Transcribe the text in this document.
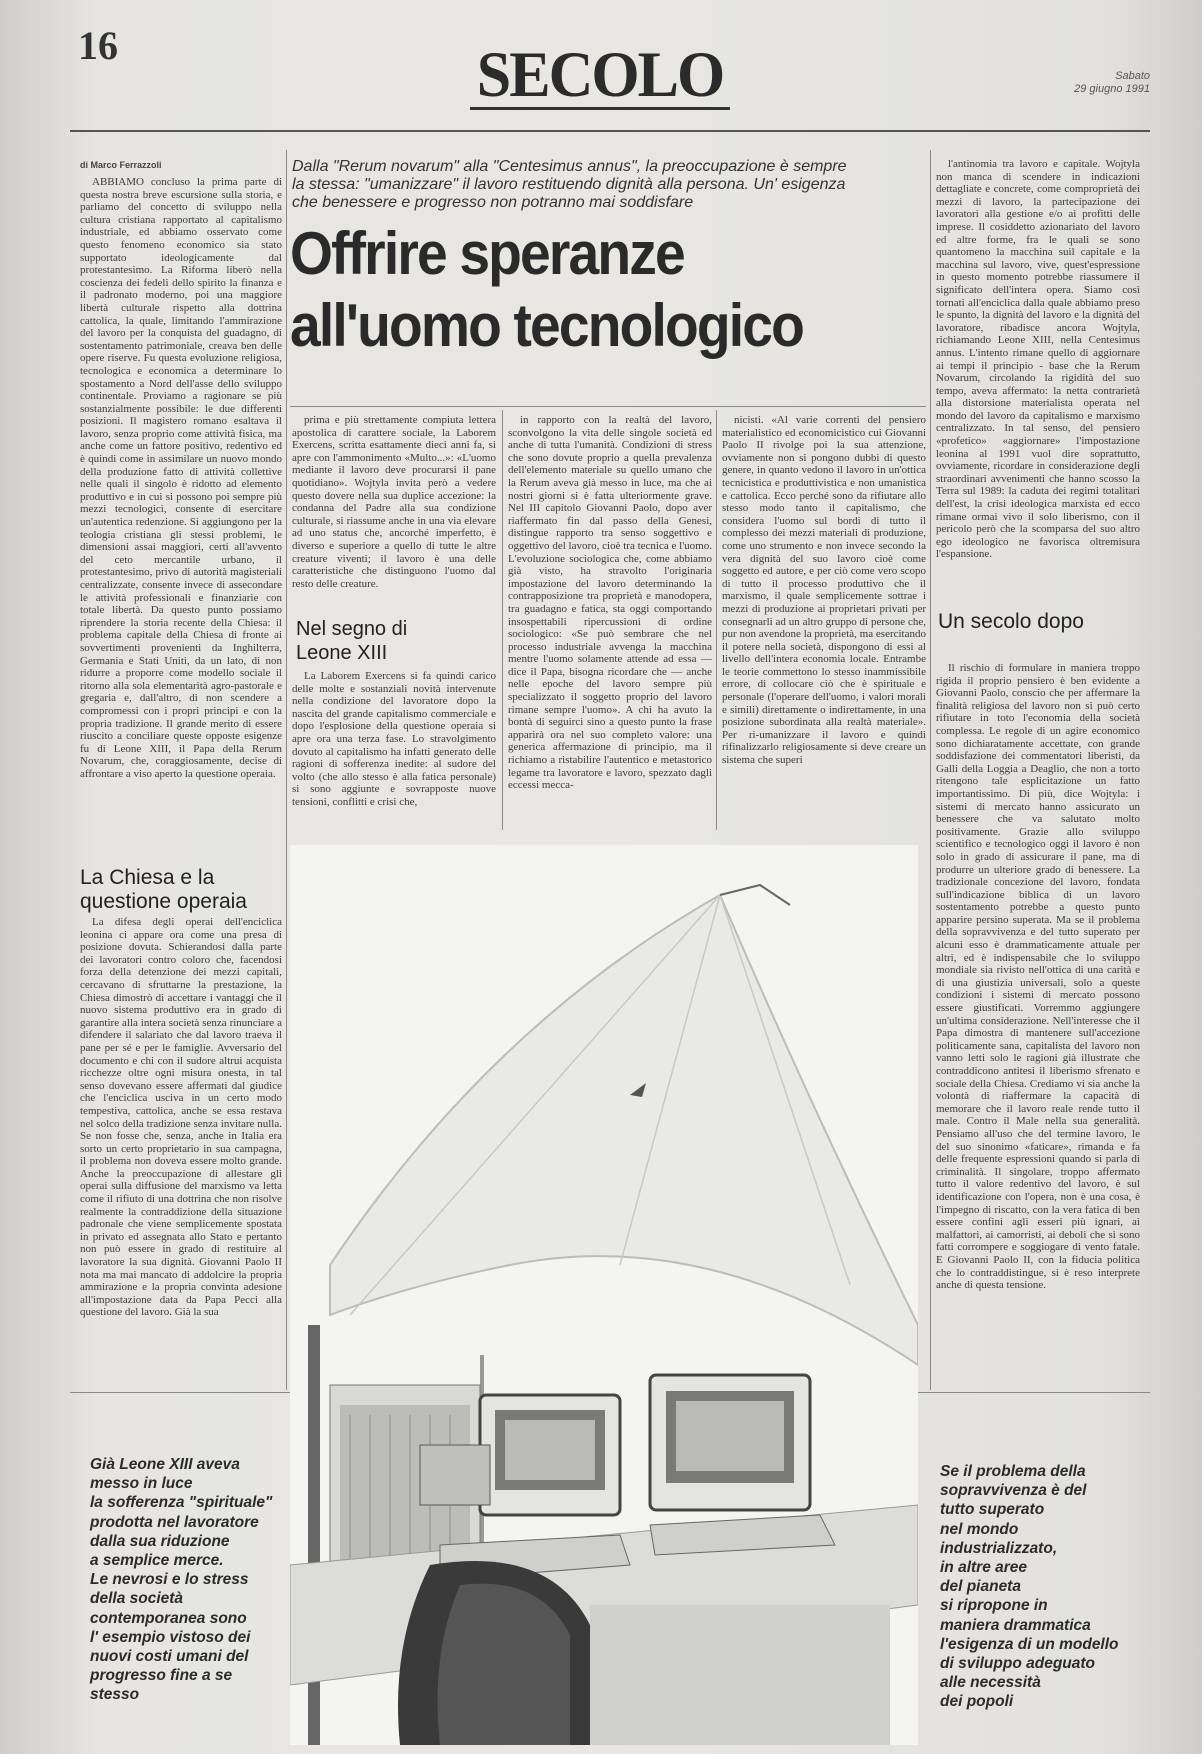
16	SECOLO	Sabato
29 giugno 1991
di Marco Ferrazzoli

ABBIAMO concluso la prima parte di questa nostra breve escursione sulla storia, e parliamo del concetto di sviluppo nella cultura cristiana rapportato al capitalismo industriale, ed abbiamo osservato come questo fenomeno economico sia stato supportato ideologicamente dal protestantesimo. La Riforma liberò nella coscienza dei fedeli dello spirito la finanza e il padronato moderno, poi una maggiore libertà culturale rispetto alla dottrina cattolica, la quale, limitando l'ammirazione del lavoro per la conquista del guadagno, di sostentamento patrimoniale, creava ben delle opere riserve. Fu questa evoluzione religiosa, tecnologica e economica a determinare lo spostamento a Nord dell'asse dello sviluppo continentale. Proviamo a ragionare se più sostanzialmente possibile: le due differenti posizioni. Il magistero romano esaltava il lavoro, senza proprio come attività fisica, ma anche come un fattore positivo, redentivo ed è quindi come in assimilare un nuovo mondo della produzione fatto di attività collettive nelle quali il singolo è ridotto ad elemento produttivo e in cui si possono poi sempre più mezzi tecnologici, consente di esercitare un'autentica redenzione. Si aggiungono per la teologia cristiana gli stessi problemi, le dimensioni assai maggiori, certi all'avvento del ceto mercantile urbano, il protestantesimo, privo di autorità magisteriali centralizzate, consente invece di assecondare le attività professionali e finanziarie con totale libertà. Da questo punto possiamo riprendere la storia recente della Chiesa: il problema capitale della Chiesa di fronte ai sovvertimenti provenienti da Inghilterra, Germania e Stati Uniti, da un lato, di non ridurre a proporre come modello sociale il ritorno alla sola elementarità agro-pastorale e gregaria e, dall'altro, di non scendere a compromessi con i propri principi e con la propria tradizione. Il grande merito di essere riuscito a conciliare queste opposte esigenze fu di Leone XIII, il Papa della Rerum Novarum, che, coraggiosamente, decise di affrontare a viso aperto la questione operaia.

La Chiesa e la questione operaia

La difesa degli operai dell'enciclica leonina ci appare ora come una presa di posizione dovuta. Schierandosi dalla parte dei lavoratori contro coloro che, facendosi forza della detenzione dei mezzi capitali, cercavano di sfruttarne la prestazione, la Chiesa dimostrò di accettare i vantaggi che il nuovo sistema produttivo era in grado di garantire alla intera società senza rinunciare a difendere il salariato che dal lavoro traeva il pane per sé e per le famiglie. Avversario del documento e chi con il sudore altrui acquista ricchezze oltre ogni misura onesta, in tal senso dovevano essere affermati dal giudice che l'enciclica usciva in un certo modo tempestiva, cattolica, anche se essa restava nel solco della tradizione senza invitare nulla. Se non fosse che, senza, anche in Italia era sorto un certo proprietario in sua campagna, il problema non doveva essere molto grande. Anche la preoccupazione di allestare gli operai sulla diffusione del marxismo va letta come il rifiuto di una dottrina che non risolve realmente la contraddizione della situazione padronale che viene semplicemente spostata in privato ed assegnata allo Stato e pertanto non può essere in grado di restituire al lavoratore la sua dignità. Giovanni Paolo II nota ma mai mancato di addolcire la propria ammirazione e la propria convinta adesione all'impostazione data da Papa Pecci alla questione del lavoro. Già la sua

Dalla "Rerum novarum" alla "Centesimus annus", la preoccupazione è sempre la stessa: "umanizzare" il lavoro restituendo dignità alla persona. Un' esigenza che benessere e progresso non potranno mai soddisfare
Offrire speranze
all'uomo tecnologico

prima e più strettamente compiuta lettera apostolica di carattere sociale, la Laborem Exercens, scritta esattamente dieci anni fa, si apre con l'ammonimento «Multo...»: «L'uomo mediante il lavoro deve procurarsi il pane quotidiano». Wojtyla invita però a vedere questo dovere nella sua duplice accezione: la condanna del Padre alla sua condizione culturale, si riassume anche in una via elevare ad uno status che, ancorché imperfetto, è diverso e superiore a quello di tutte le altre creature viventi; il lavoro è una delle caratteristiche che distinguono l'uomo dal resto delle creature.

Nel segno di Leone XIII

La Laborem Exercens si fa quindi carico delle molte e sostanziali novità intervenute nella condizione del lavoratore dopo la nascita del grande capitalismo commerciale e dopo l'esplosione della questione operaia si apre ora una terza fase. Lo stravolgimento dovuto al capitalismo ha infatti generato delle ragioni di sofferenza inedite: al sudore del volto (che allo stesso è alla fatica personale) si sono aggiunte e sovrapposte nuove tensioni, conflitti e crisi che,

in rapporto con la realtà del lavoro, sconvolgono la vita delle singole società ed anche di tutta l'umanità. Condizioni di stress che sono dovute proprio a quella prevalenza dell'elemento materiale su quello umano che la Rerum aveva già messo in luce, ma che ai nostri giorni si è fatta ulteriormente grave. Nel III capitolo Giovanni Paolo, dopo aver riaffermato fin dal passo della Genesi, distingue rapporto tra senso soggettivo e oggettivo del lavoro, cioè tra tecnica e l'uomo. L'evoluzione sociologica che, come abbiamo già visto, ha stravolto l'originaria impostazione del lavoro determinando la contrapposizione tra proprietà e manodopera, tra guadagno e fatica, sta oggi comportando insospettabili ripercussioni di ordine sociologico: «Se può sembrare che nel processo industriale avvenga la macchina mentre l'uomo solamente attende ad essa — dice il Papa, bisogna ricordare che — anche nelle epoche del lavoro sempre più specializzato il soggetto proprio del lavoro rimane sempre l'uomo». A chi ha avuto la bontà di seguirci sino a questo punto la frase apparirà ora nel suo completo valore: una generica affermazione di principio, ma il richiamo a ristabilire l'autentico e metastorico legame tra lavoratore e lavoro, spezzato dagli eccessi mecca-

nicisti. «Al varie correnti del pensiero materialistico ed economicistico cui Giovanni Paolo II rivolge poi la sua attenzione, ovviamente non si pongono dubbi di questo genere, in quanto vedono il lavoro in un'ottica tecnicistica e produttivistica e non umanistica e cattolica. Ecco perché sono da rifiutare allo stesso modo tanto il capitalismo, che considera l'uomo sul bordi di tutto il complesso dei mezzi materiali di produzione, come uno strumento e non invece secondo la vera dignità del suo lavoro cioè come soggetto ed autore, e per ciò come vero scopo di tutto il processo produttivo che il marxismo, il quale semplicemente sottrae i mezzi di produzione ai proprietari privati per consegnarli ad un altro gruppo di persone che, pur non avendone la proprietà, ma esercitando il potere nella società, dispongono di essi al livello dell'intera economia locale. Entrambe le teorie commettono lo stesso inammissibile errore, di collocare ciò che è spirituale e personale (l'operare dell'uomo, i valori morali e simili) direttamente o indirettamente, in una posizione subordinata alla realtà materiale». Per ri-umanizzare il lavoro e quindi rifinalizzarlo religiosamente si deve creare un sistema che superi

l'antinomia tra lavoro e capitale. Wojtyla non manca di scendere in indicazioni dettagliate e concrete, come comproprietà dei mezzi di lavoro, la partecipazione dei lavoratori alla gestione e/o ai profitti delle imprese. Il cosiddetto azionariato del lavoro ed altre forme, fra le quali se sono quantomeno la macchina suil capitale e la macchina sul lavoro, vive, quest'espressione in questo momento potrebbe riassumere il significato dell'intera opera. Siamo così tornati all'enciclica dalla quale abbiamo preso le spunto, la dignità del lavoro e la dignità del lavoratore, ribadisce ancora Wojtyla, richiamando Leone XIII, nella Centesimus annus. L'intento rimane quello di aggiornare ai tempi il principio - base che la Rerum Novarum, circolando la rigidità del suo tempo, aveva affermato: la netta contrarietà alla distorsione materialista operata nel mondo del lavoro da capitalismo e marxismo centralizzato. In tal senso, del pensiero «profetico» «aggiornare» l'impostazione leonina al 1991 vuol dire soprattutto, ovviamente, ricordare in considerazione degli straordinari avvenimenti che hanno scosso la Terra sul 1989: la caduta dei regimi totalitari dell'est, la crisi ideologica marxista ed ecco rimane ormai vivo il solo liberismo, con il pericolo però che la scomparsa del suo altro ego ideologico ne favorisca oltremisura l'espansione.

Un secolo dopo

Il rischio di formulare in maniera troppo rigida il proprio pensiero è ben evidente a Giovanni Paolo, conscio che per affermare la finalità religiosa del lavoro non si può certo rifiutare in toto l'economia della società complessa. Le regole di un agire economico sono dichiaratamente accettate, con grande soddisfazione dei commentatori liberisti, da Galli della Loggia a Deaglio, che non a torto ritengono tale esplicitazione un fatto importantissimo. Di più, dice Wojtyla: i sistemi di mercato hanno assicurato un benessere che va salutato molto positivamente. Grazie allo sviluppo scientifico e tecnologico oggi il lavoro è non solo in grado di assicurare il pane, ma di produrre un ulteriore grado di benessere. La tradizionale concezione del lavoro, fondata sull'indicazione biblica di un lavoro sostentamento potrebbe a questo punto apparire persino superata. Ma se il problema della sopravvivenza e del tutto superato per alcuni esso è drammaticamente attuale per altri, ed è indispensabile che lo sviluppo mondiale sia rivisto nell'ottica di una carità e di una giustizia universali, solo a queste condizioni i sistemi di mercato possono essere giustificati. Vorremmo aggiungere un'ultima considerazione. Nell'interesse che il Papa dimostra di mantenere sull'accezione politicamente sana, capitalista del lavoro non vanno letti solo le ragioni già illustrate che contraddicono antitesi il liberismo sfrenato e sociale della Chiesa. Crediamo vi sia anche la volontà di riaffermare la capacità di memorare che il lavoro reale rende tutto il male. Contro il Male nella sua generalità. Pensiamo all'uso che del termine lavoro, le del suo sinonimo «faticare», rimanda e fa delle frequente espressioni quando si parla di criminalità. Il singolare, troppo affermato tutto il valore redentivo del lavoro, è sul identificazione con l'opera, non è una cosa, è l'impegno di riscatto, con la vera fatica di ben essere confini agli esseri più ignari, ai malfattori, ai camorristi, ai deboli che si sono fatti corrompere e soggiogare di vento fatale. E Giovanni Paolo II, con la fiducia politica che lo contraddistingue, si è reso interprete anche di questa tensione.

Già Leone XIII aveva
messo in luce
la sofferenza "spirituale"
prodotta nel lavoratore
dalla sua riduzione
a semplice merce.
Le nevrosi e lo stress
della società
contemporanea sono
l' esempio vistoso dei
nuovi costi umani del
progresso fine a se
stesso
Se il problema della
sopravvivenza è del
tutto superato
nel mondo
industrializzato,
in altre aree
del pianeta
si ripropone in
maniera drammatica
l'esigenza di un modello
di sviluppo adeguato
alle necessità
dei popoli
